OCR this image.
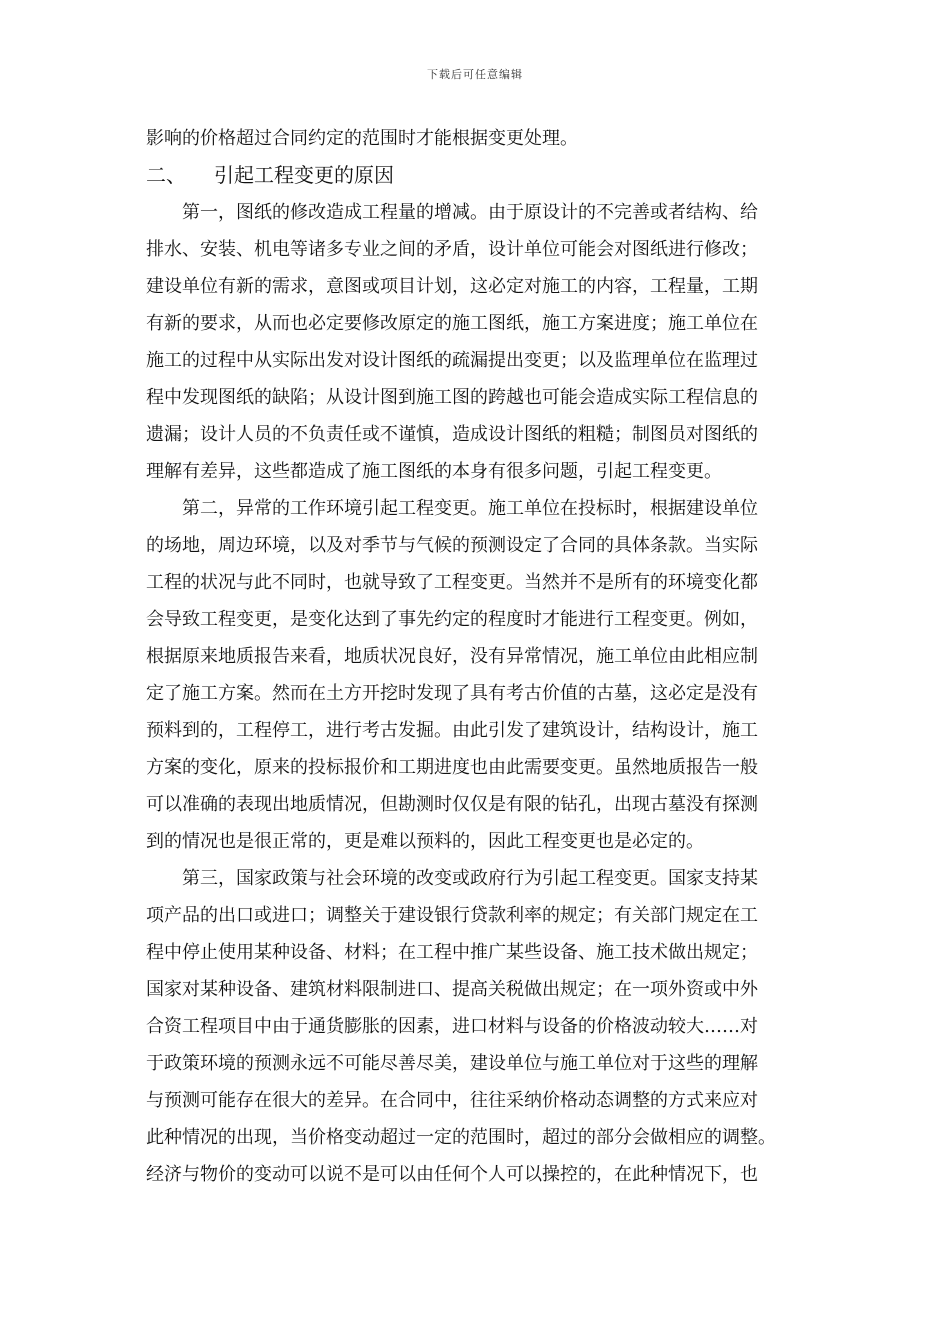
下载后可任意编辑
影响的价格超过合同约定的范围时才能根据变更处理。
二、 引起工程变更的原因
第一，图纸的修改造成工程量的增减。由于原设计的不完善或者结构、给
排水、安装、机电等诸多专业之间的矛盾，设计单位可能会对图纸进行修改；
建设单位有新的需求，意图或项目计划，这必定对施工的内容，工程量，工期
有新的要求，从而也必定要修改原定的施工图纸，施工方案进度；施工单位在
施工的过程中从实际出发对设计图纸的疏漏提出变更；以及监理单位在监理过
程中发现图纸的缺陷；从设计图到施工图的跨越也可能会造成实际工程信息的
遗漏；设计人员的不负责任或不谨慎，造成设计图纸的粗糙；制图员对图纸的
理解有差异，这些都造成了施工图纸的本身有很多问题，引起工程变更。
第二，异常的工作环境引起工程变更。施工单位在投标时，根据建设单位
的场地，周边环境，以及对季节与气候的预测设定了合同的具体条款。当实际
工程的状况与此不同时，也就导致了工程变更。当然并不是所有的环境变化都
会导致工程变更，是变化达到了事先约定的程度时才能进行工程变更。例如，
根据原来地质报告来看，地质状况良好，没有异常情况，施工单位由此相应制
定了施工方案。然而在土方开挖时发现了具有考古价值的古墓，这必定是没有
预料到的，工程停工，进行考古发掘。由此引发了建筑设计，结构设计，施工
方案的变化，原来的投标报价和工期进度也由此需要变更。虽然地质报告一般
可以准确的表现出地质情况，但勘测时仅仅是有限的钻孔，出现古墓没有探测
到的情况也是很正常的，更是难以预料的，因此工程变更也是必定的。
第三，国家政策与社会环境的改变或政府行为引起工程变更。国家支持某
项产品的出口或进口；调整关于建设银行贷款利率的规定；有关部门规定在工
程中停止使用某种设备、材料；在工程中推广某些设备、施工技术做出规定；
国家对某种设备、建筑材料限制进口、提高关税做出规定；在一项外资或中外
合资工程项目中由于通货膨胀的因素，进口材料与设备的价格波动较大……对
于政策环境的预测永远不可能尽善尽美，建设单位与施工单位对于这些的理解
与预测可能存在很大的差异。在合同中，往往采纳价格动态调整的方式来应对
此种情况的出现，当价格变动超过一定的范围时，超过的部分会做相应的调整。
经济与物价的变动可以说不是可以由任何个人可以操控的，在此种情况下，也
